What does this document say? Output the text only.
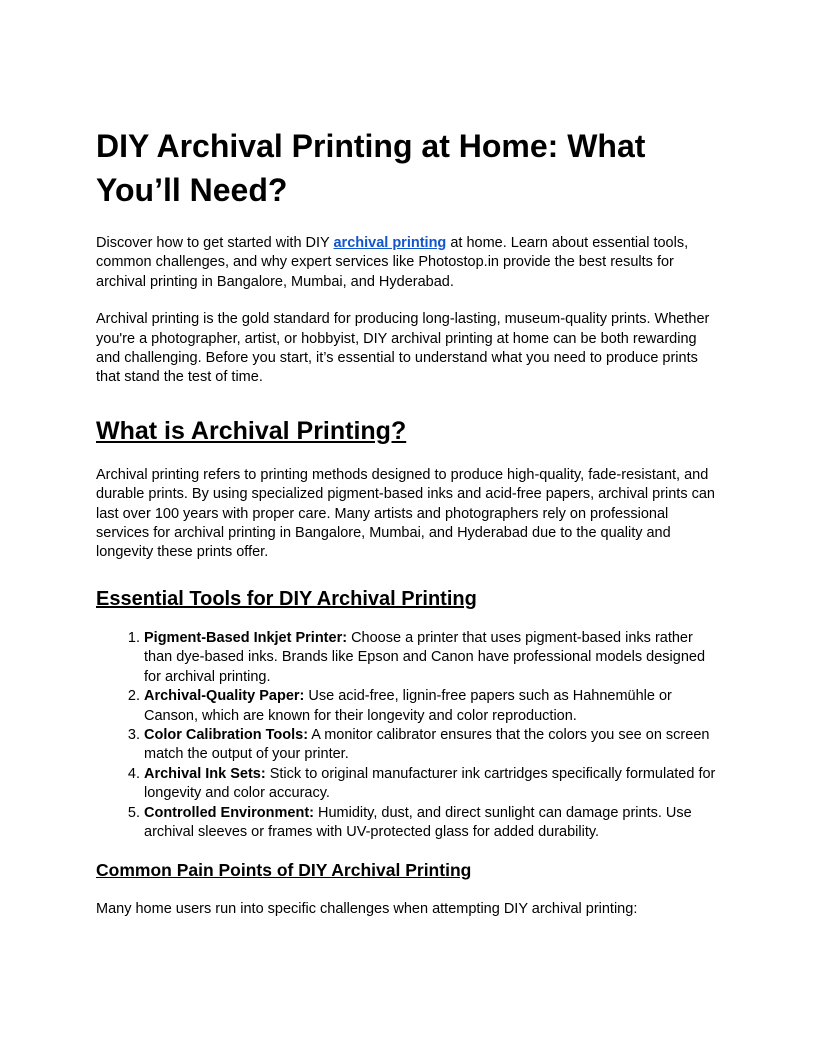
DIY Archival Printing at Home: What You’ll Need?

Discover how to get started with DIY archival printing at home. Learn about essential tools, common challenges, and why expert services like Photostop.in provide the best results for archival printing in Bangalore, Mumbai, and Hyderabad.

Archival printing is the gold standard for producing long-lasting, museum-quality prints. Whether you're a photographer, artist, or hobbyist, DIY archival printing at home can be both rewarding and challenging. Before you start, it’s essential to understand what you need to produce prints that stand the test of time.

What is Archival Printing?

Archival printing refers to printing methods designed to produce high-quality, fade-resistant, and durable prints. By using specialized pigment-based inks and acid-free papers, archival prints can last over 100 years with proper care. Many artists and photographers rely on professional services for archival printing in Bangalore, Mumbai, and Hyderabad due to the quality and longevity these prints offer.

Essential Tools for DIY Archival Printing
1. Pigment-Based Inkjet Printer: Choose a printer that uses pigment-based inks rather than dye-based inks. Brands like Epson and Canon have professional models designed for archival printing.
2. Archival-Quality Paper: Use acid-free, lignin-free papers such as Hahnemühle or Canson, which are known for their longevity and color reproduction.
3. Color Calibration Tools: A monitor calibrator ensures that the colors you see on screen match the output of your printer.
4. Archival Ink Sets: Stick to original manufacturer ink cartridges specifically formulated for longevity and color accuracy.
5. Controlled Environment: Humidity, dust, and direct sunlight can damage prints. Use archival sleeves or frames with UV-protected glass for added durability.
Common Pain Points of DIY Archival Printing

Many home users run into specific challenges when attempting DIY archival printing:
